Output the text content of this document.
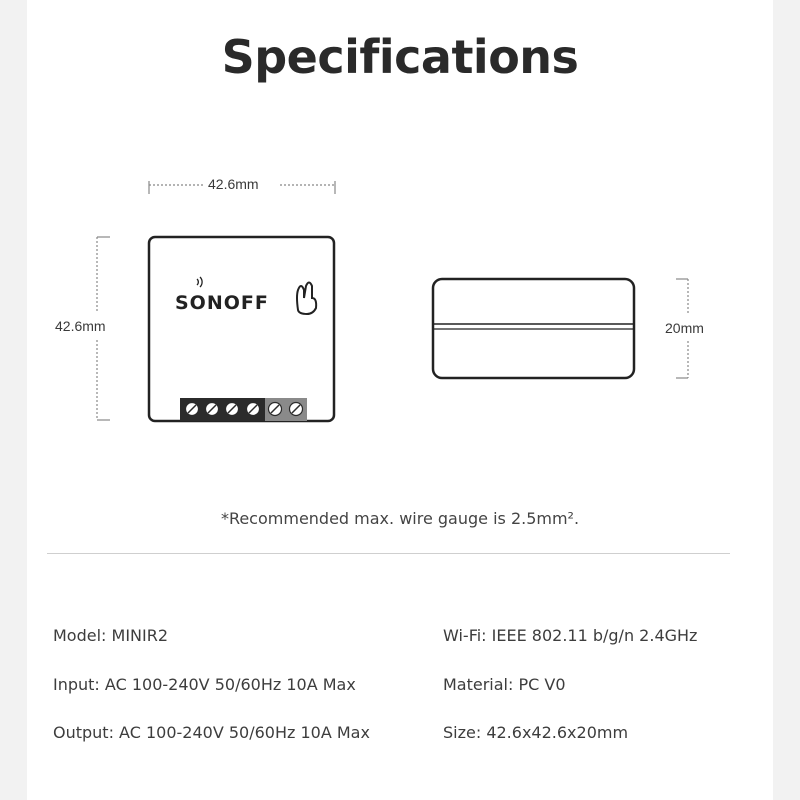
Specifications
42.6mm
42.6mm	20mm
SONOFF
*Recommended max. wire gauge is 2.5mm².
Model: MINIR2
Input: AC 100-240V 50/60Hz 10A Max
Output: AC 100-240V 50/60Hz 10A Max
Wi-Fi: IEEE 802.11 b/g/n 2.4GHz
Material: PC V0
Size: 42.6x42.6x20mm
